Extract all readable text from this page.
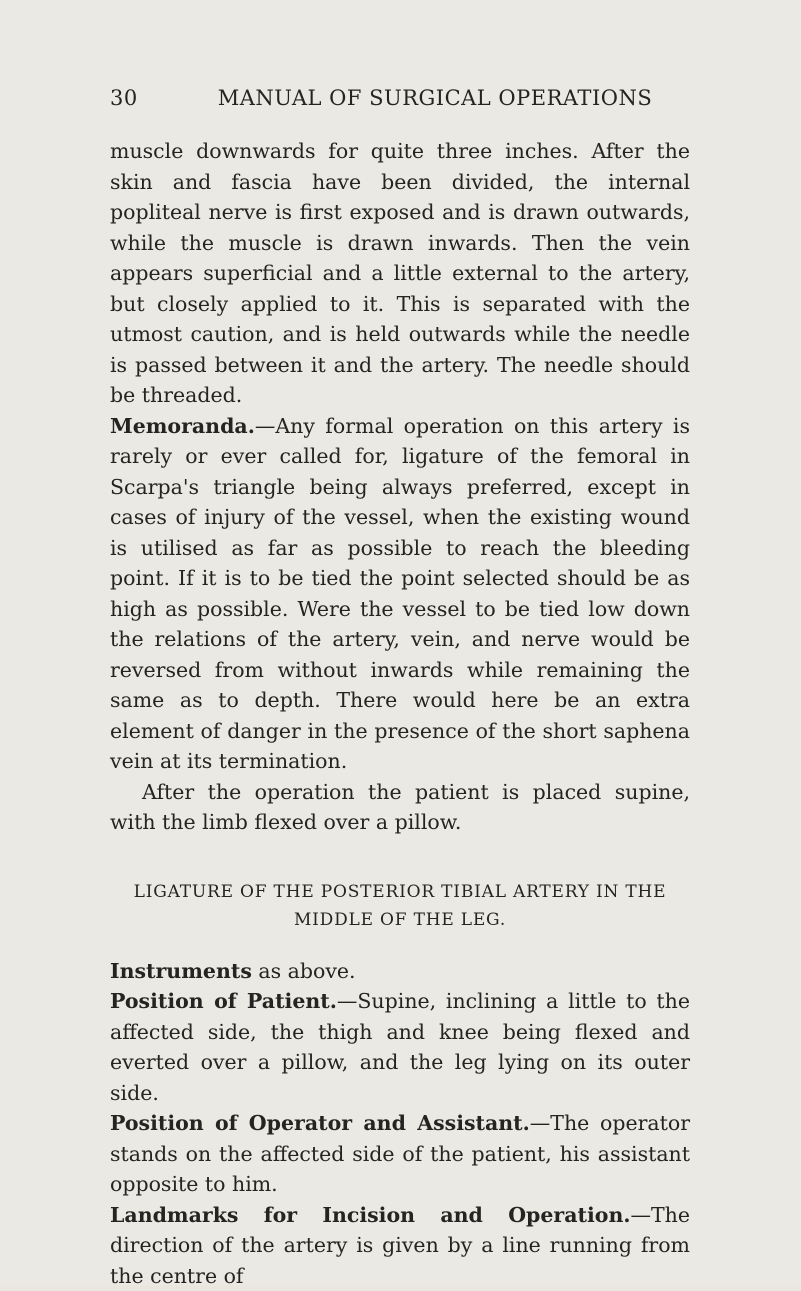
30	MANUAL OF SURGICAL OPERATIONS

muscle downwards for quite three inches. After the skin and fascia have been divided, the internal popliteal nerve is first exposed and is drawn outwards, while the muscle is drawn inwards. Then the vein appears superficial and a little external to the artery, but closely applied to it. This is separated with the utmost caution, and is held outwards while the needle is passed between it and the artery. The needle should be threaded.

Memoranda.—Any formal operation on this artery is rarely or ever called for, ligature of the femoral in Scarpa's triangle being always preferred, except in cases of injury of the vessel, when the existing wound is utilised as far as possible to reach the bleeding point. If it is to be tied the point selected should be as high as possible. Were the vessel to be tied low down the relations of the artery, vein, and nerve would be reversed from without inwards while remaining the same as to depth. There would here be an extra element of danger in the presence of the short saphena vein at its termination.

After the operation the patient is placed supine, with the limb flexed over a pillow.

LIGATURE OF THE POSTERIOR TIBIAL ARTERY IN THE
MIDDLE OF THE LEG.

Instruments as above.

Position of Patient.—Supine, inclining a little to the affected side, the thigh and knee being flexed and everted over a pillow, and the leg lying on its outer side.

Position of Operator and Assistant.—The operator stands on the affected side of the patient, his assistant opposite to him.

Landmarks for Incision and Operation.—The direction of the artery is given by a line running from the centre of
